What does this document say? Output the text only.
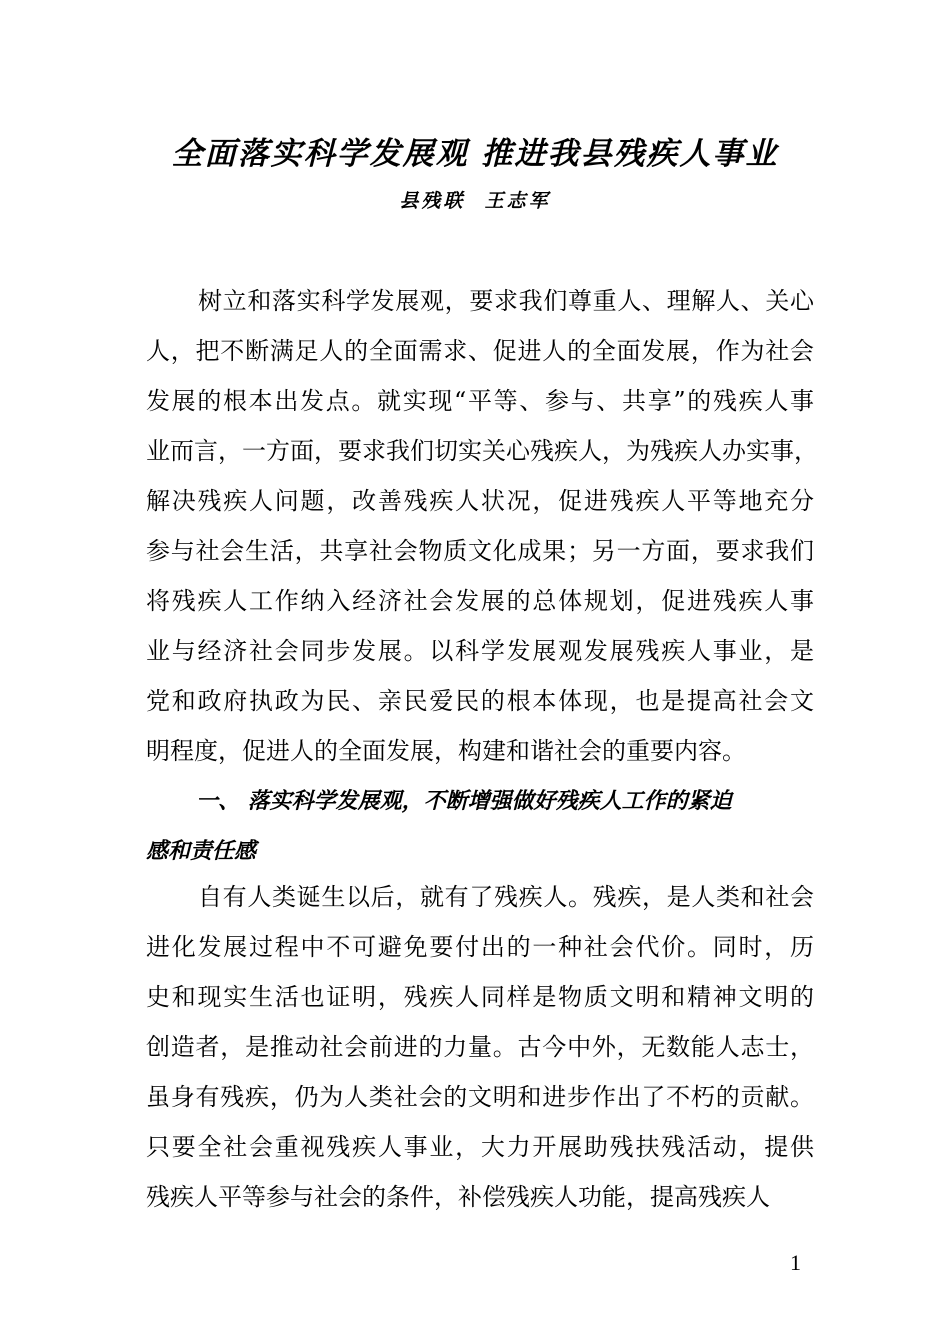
全面落实科学发展观 推进我县残疾人事业
县残联  王志军
树立和落实科学发展观，要求我们尊重人、理解人、关心
人，把不断满足人的全面需求、促进人的全面发展，作为社会
发展的根本出发点。就实现“平等、参与、共享”的残疾人事
业而言，一方面，要求我们切实关心残疾人，为残疾人办实事，
解决残疾人问题，改善残疾人状况，促进残疾人平等地充分
参与社会生活，共享社会物质文化成果；另一方面，要求我们
将残疾人工作纳入经济社会发展的总体规划，促进残疾人事
业与经济社会同步发展。以科学发展观发展残疾人事业，是
党和政府执政为民、亲民爱民的根本体现，也是提高社会文
明程度，促进人的全面发展，构建和谐社会的重要内容。
一、 落实科学发展观，不断增强做好残疾人工作的紧迫
感和责任感
自有人类诞生以后，就有了残疾人。残疾，是人类和社会
进化发展过程中不可避免要付出的一种社会代价。同时，历
史和现实生活也证明，残疾人同样是物质文明和精神文明的
创造者，是推动社会前进的力量。古今中外，无数能人志士，
虽身有残疾，仍为人类社会的文明和进步作出了不朽的贡献。
只要全社会重视残疾人事业，大力开展助残扶残活动，提供
残疾人平等参与社会的条件，补偿残疾人功能，提高残疾人
1
